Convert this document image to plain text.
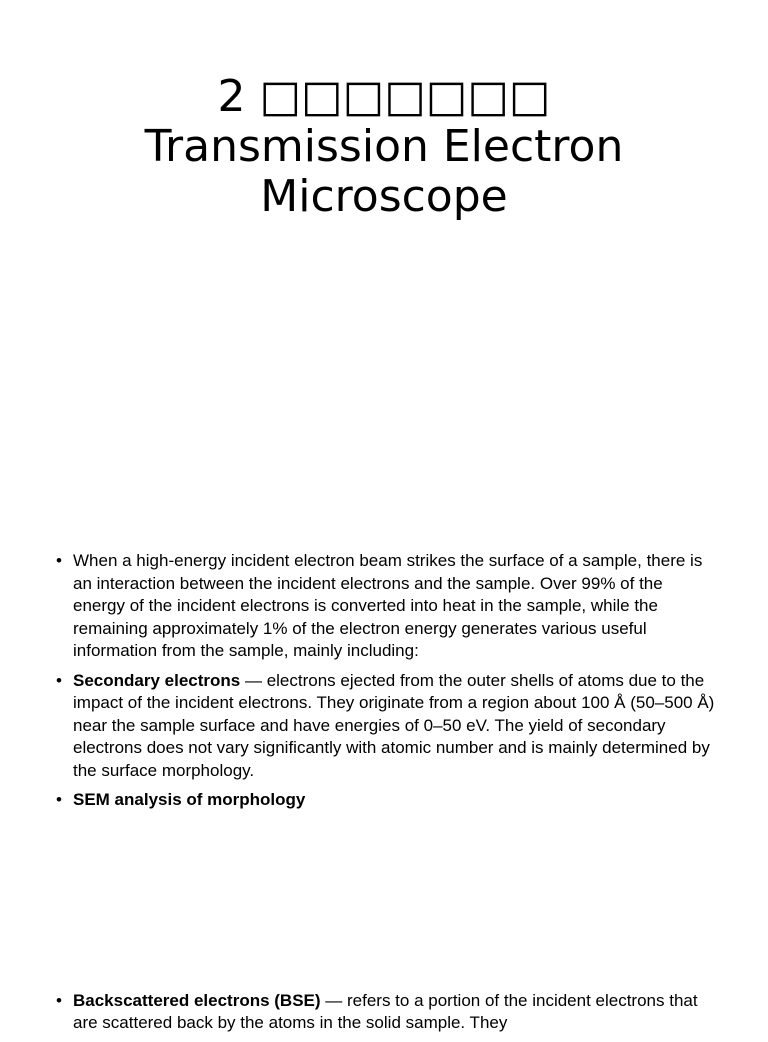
2 □□□□□□□
Transmission Electron
Microscope
• When a high-energy incident electron beam strikes the surface of a sample, there is an interaction between the incident electrons and the sample. Over 99% of the energy of the incident electrons is converted into heat in the sample, while the remaining approximately 1% of the electron energy generates various useful information from the sample, mainly including:
• Secondary electrons — electrons ejected from the outer shells of atoms due to the impact of the incident electrons. They originate from a region about 100 Å (50–500 Å) near the sample surface and have energies of 0–50 eV. The yield of secondary electrons does not vary significantly with atomic number and is mainly determined by the surface morphology.
• SEM analysis of morphology
• Backscattered electrons (BSE) — refers to a portion of the incident electrons that are scattered back by the atoms in the solid sample. They
